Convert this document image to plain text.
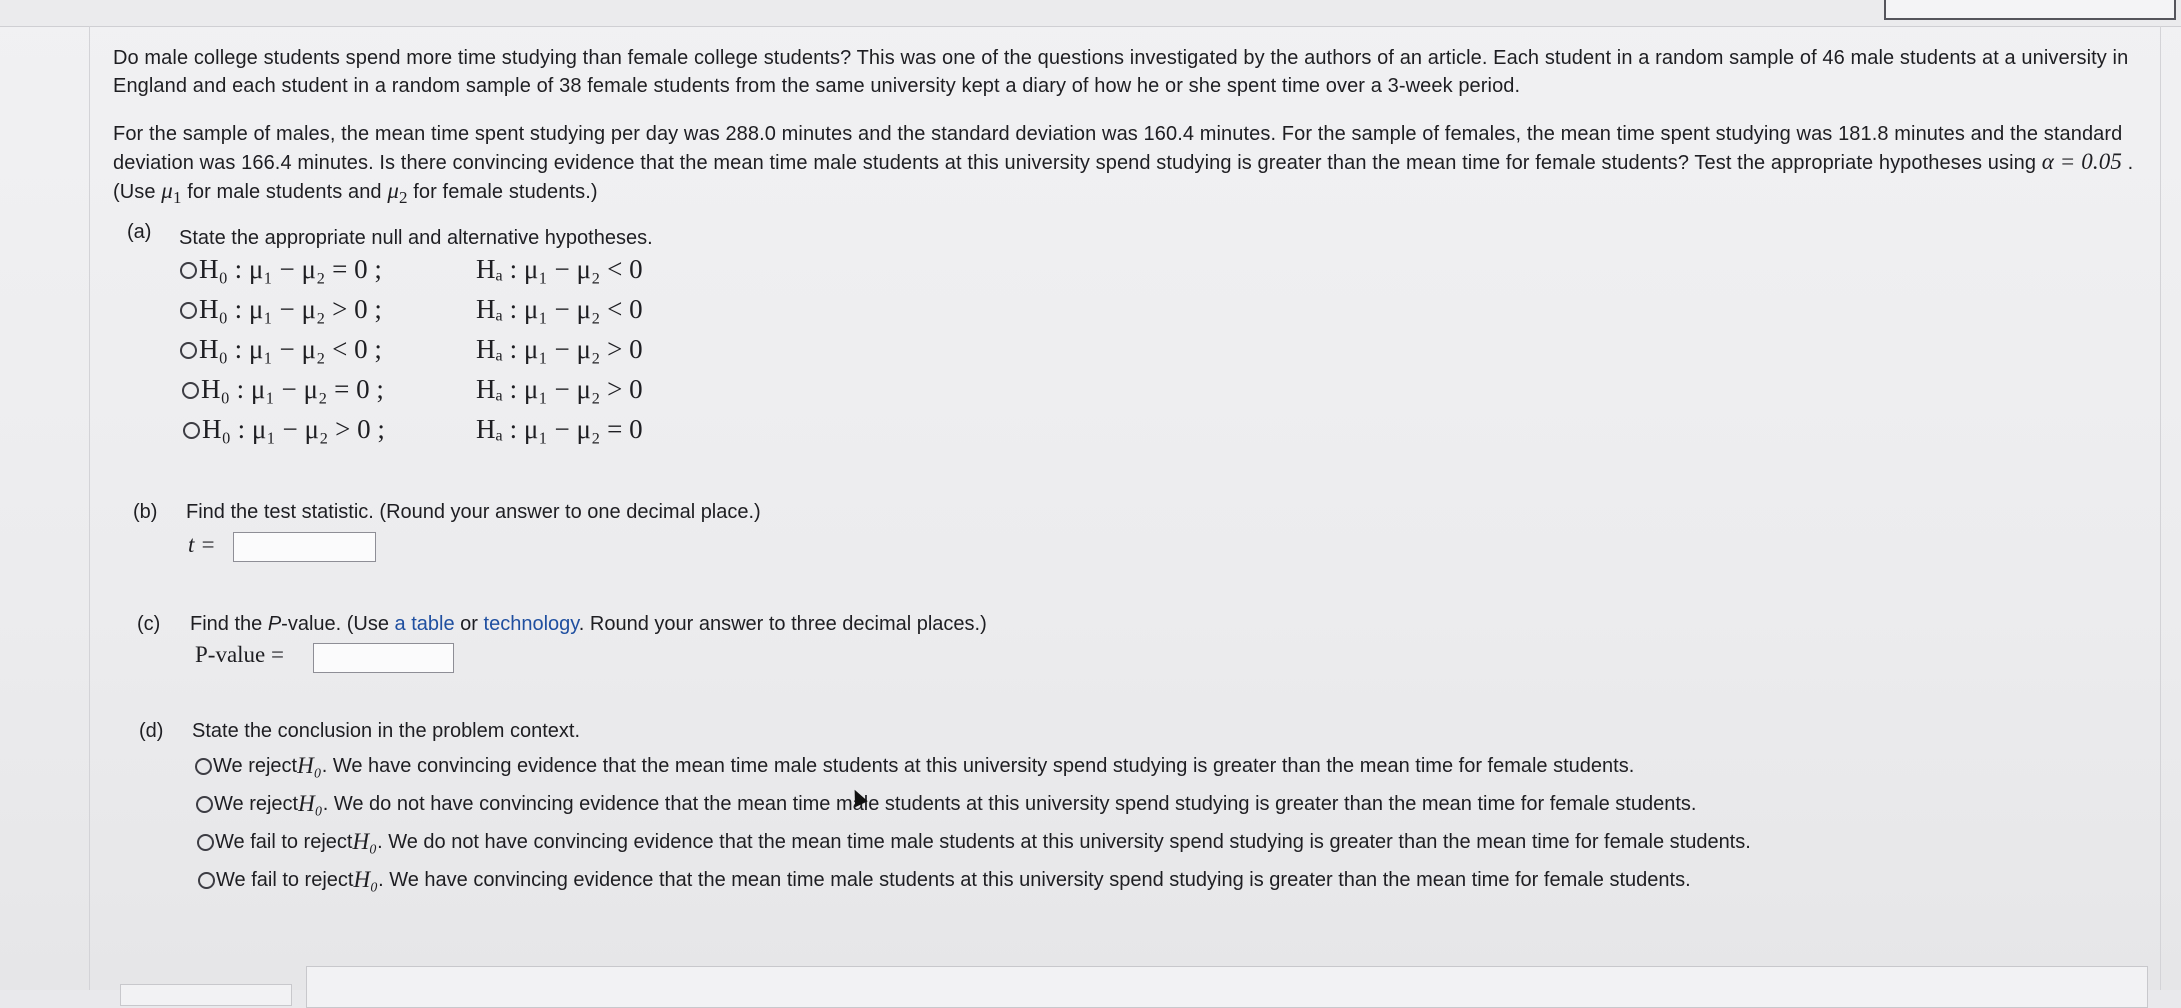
Do male college students spend more time studying than female college students? This was one of the questions investigated by the authors of an article. Each student in a random sample of 46 male students at a university in England and each student in a random sample of 38 female students from the same university kept a diary of how he or she spent time over a 3-week period.

For the sample of males, the mean time spent studying per day was 288.0 minutes and the standard deviation was 160.4 minutes. For the sample of females, the mean time spent studying was 181.8 minutes and the standard deviation was 166.4 minutes. Is there convincing evidence that the mean time male students at this university spend studying is greater than the mean time for female students? Test the appropriate hypotheses using α = 0.05 . (Use $\mu_1$ for male students and $\mu_2$ for female students.)

(a) State the appropriate null and alternative hypotheses.
H₀ : μ₁ − μ₂ = 0 ;	Hₐ : μ₁ − μ₂ < 0
H₀ : μ₁ − μ₂ > 0 ;	Hₐ : μ₁ − μ₂ < 0
H₀ : μ₁ − μ₂ < 0 ;	Hₐ : μ₁ − μ₂ > 0
H₀ : μ₁ − μ₂ = 0 ;	Hₐ : μ₁ − μ₂ > 0
H₀ : μ₁ − μ₂ > 0 ;	Hₐ : μ₁ − μ₂ = 0
(b) Find the test statistic. (Round your answer to one decimal place.)
t =
(c) Find the P-value. (Use a table or technology. Round your answer to three decimal places.)
P-value =
(d) State the conclusion in the problem context.
We reject H₀ . We have convincing evidence that the mean time male students at this university spend studying is greater than the mean time for female students.
We reject H₀ . We do not have convincing evidence that the mean time male students at this university spend studying is greater than the mean time for female students.
We fail to reject H₀ . We do not have convincing evidence that the mean time male students at this university spend studying is greater than the mean time for female students.
We fail to reject H₀ . We have convincing evidence that the mean time male students at this university spend studying is greater than the mean time for female students.
